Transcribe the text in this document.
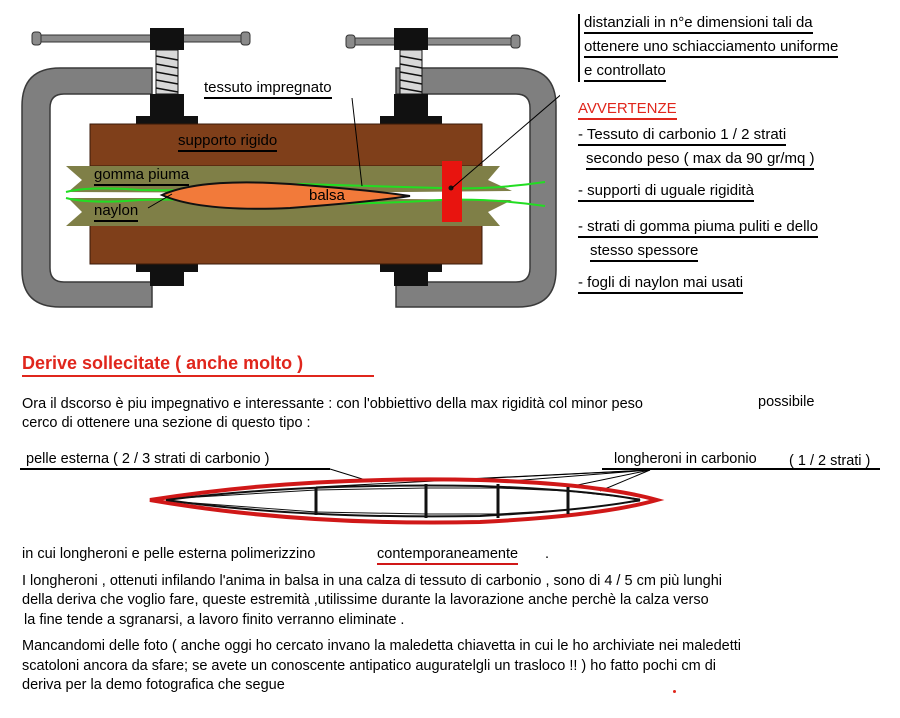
tessuto impregnato
supporto rigido
gomma piuma
balsa
naylon
distanziali in n°e dimensioni tali da
ottenere uno schiacciamento uniforme
e controllato
AVVERTENZE
- Tessuto di carbonio 1 / 2 strati
secondo peso ( max da 90 gr/mq )
- supporti di uguale rigidità
- strati di gomma piuma puliti e dello
stesso spessore
- fogli di naylon mai usati
Derive sollecitate ( anche molto )
Ora il dscorso è piu impegnativo e interessante : con l'obbiettivo della max rigidità col minor peso	possibile
cerco di ottenere una sezione di questo tipo :
pelle esterna ( 2 / 3 strati di carbonio )	longheroni in carbonio ( 1 / 2 strati )
in cui longheroni e pelle esterna polimerizzino	contemporaneamente .
I longheroni , ottenuti infilando l'anima in balsa in una calza di tessuto di carbonio , sono di 4 / 5 cm più lunghi
della deriva che voglio fare, queste estremità ,utilissime durante la lavorazione anche perchè la calza verso
la fine tende a sgranarsi, a lavoro finito verranno eliminate .
Mancandomi delle foto ( anche oggi ho cercato invano la maledetta chiavetta in cui le ho archiviate nei maledetti
scatoloni ancora da sfare; se avete un conoscente antipatico auguratelgli un trasloco !! ) ho fatto pochi cm di
deriva per la demo fotografica che segue
